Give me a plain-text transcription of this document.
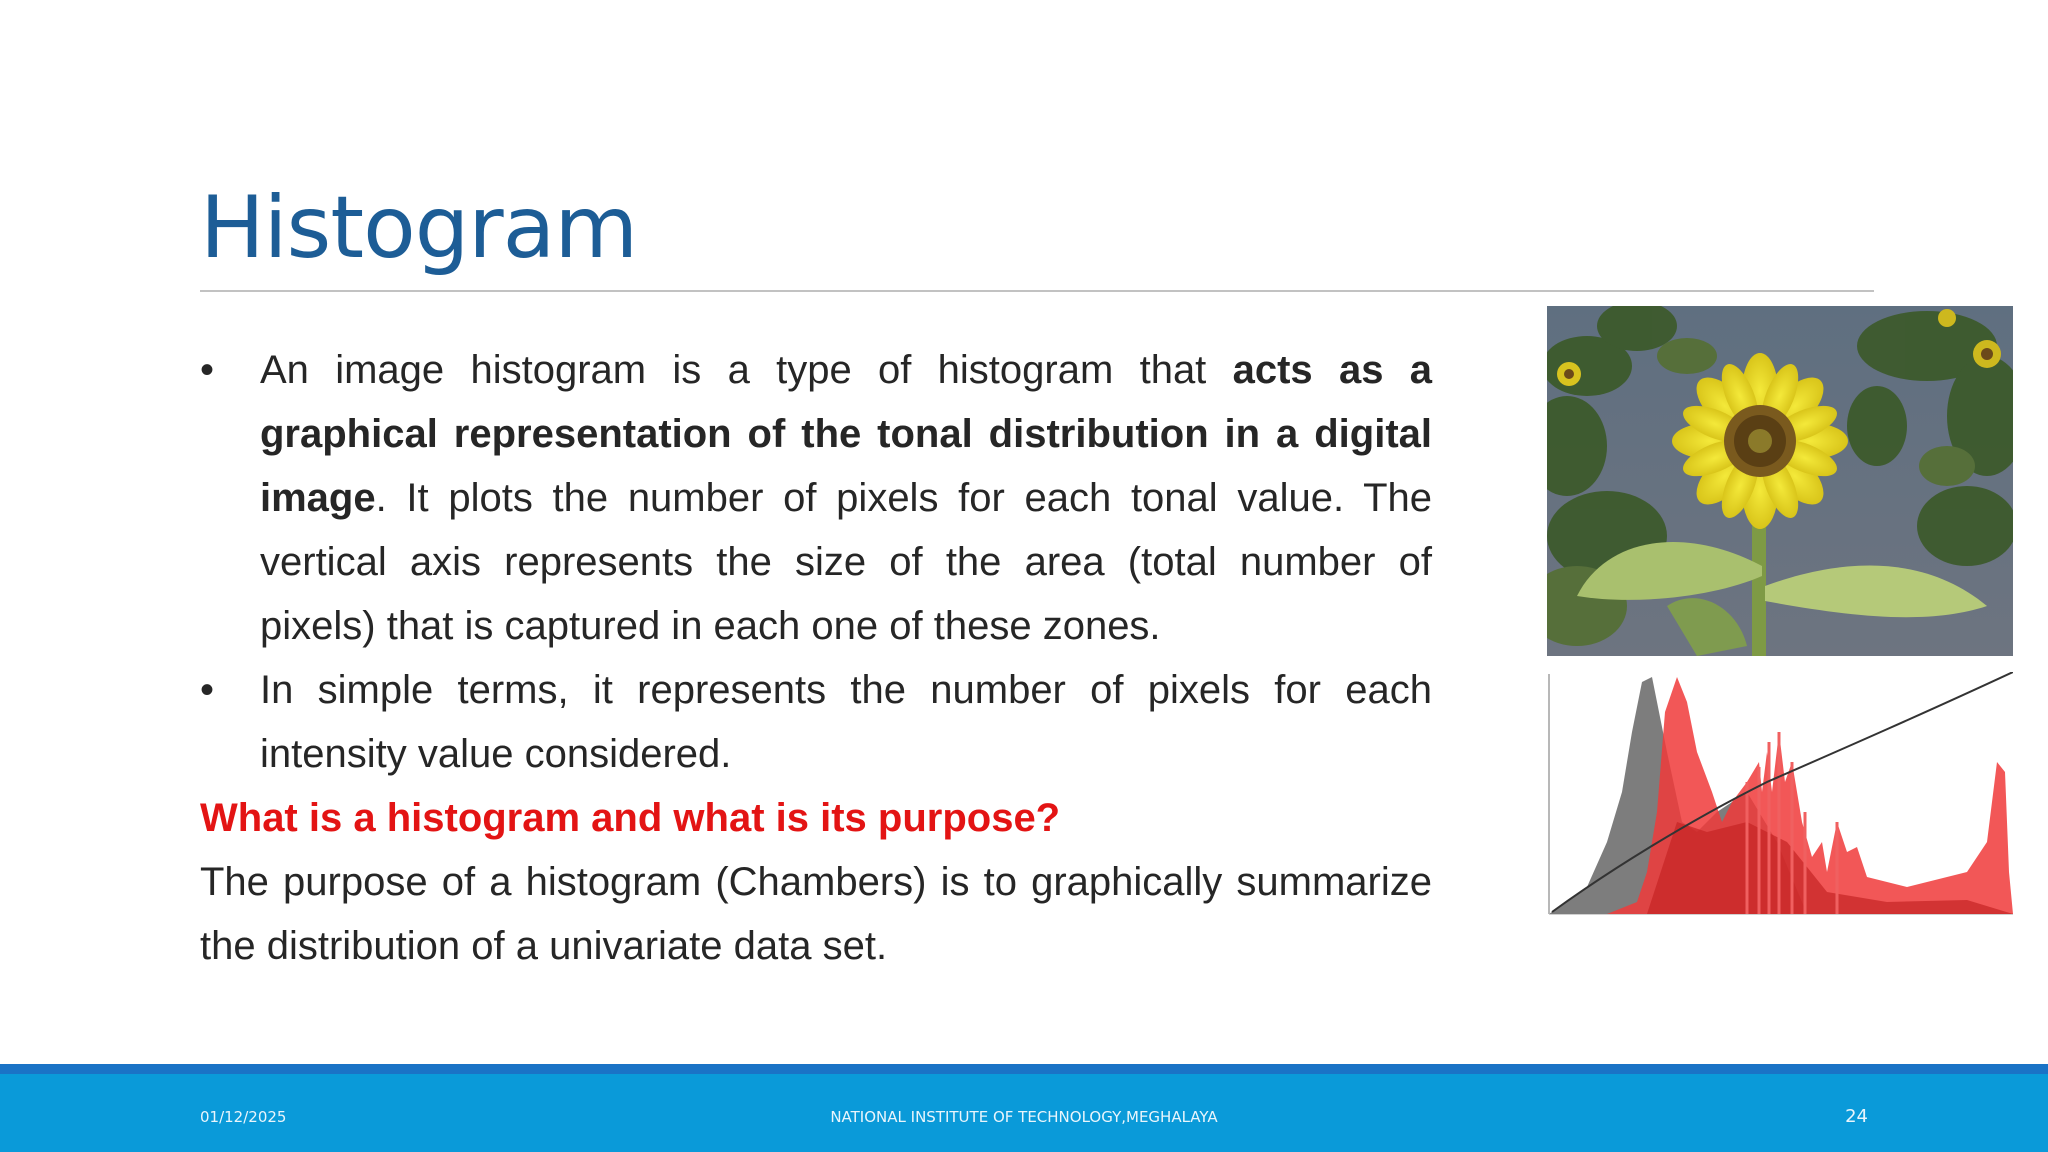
Histogram
• An image histogram is a type of histogram that acts as a graphical representation of the tonal distribution in a digital image. It plots the number of pixels for each tonal value. The vertical axis represents the size of the area (total number of pixels) that is captured in each one of these zones.
• In simple terms, it represents the number of pixels for each intensity value considered.
What is a histogram and what is its purpose?
The purpose of a histogram (Chambers) is to graphically summarize the distribution of a univariate data set.
01/12/2025	NATIONAL INSTITUTE OF TECHNOLOGY,MEGHALAYA	24
